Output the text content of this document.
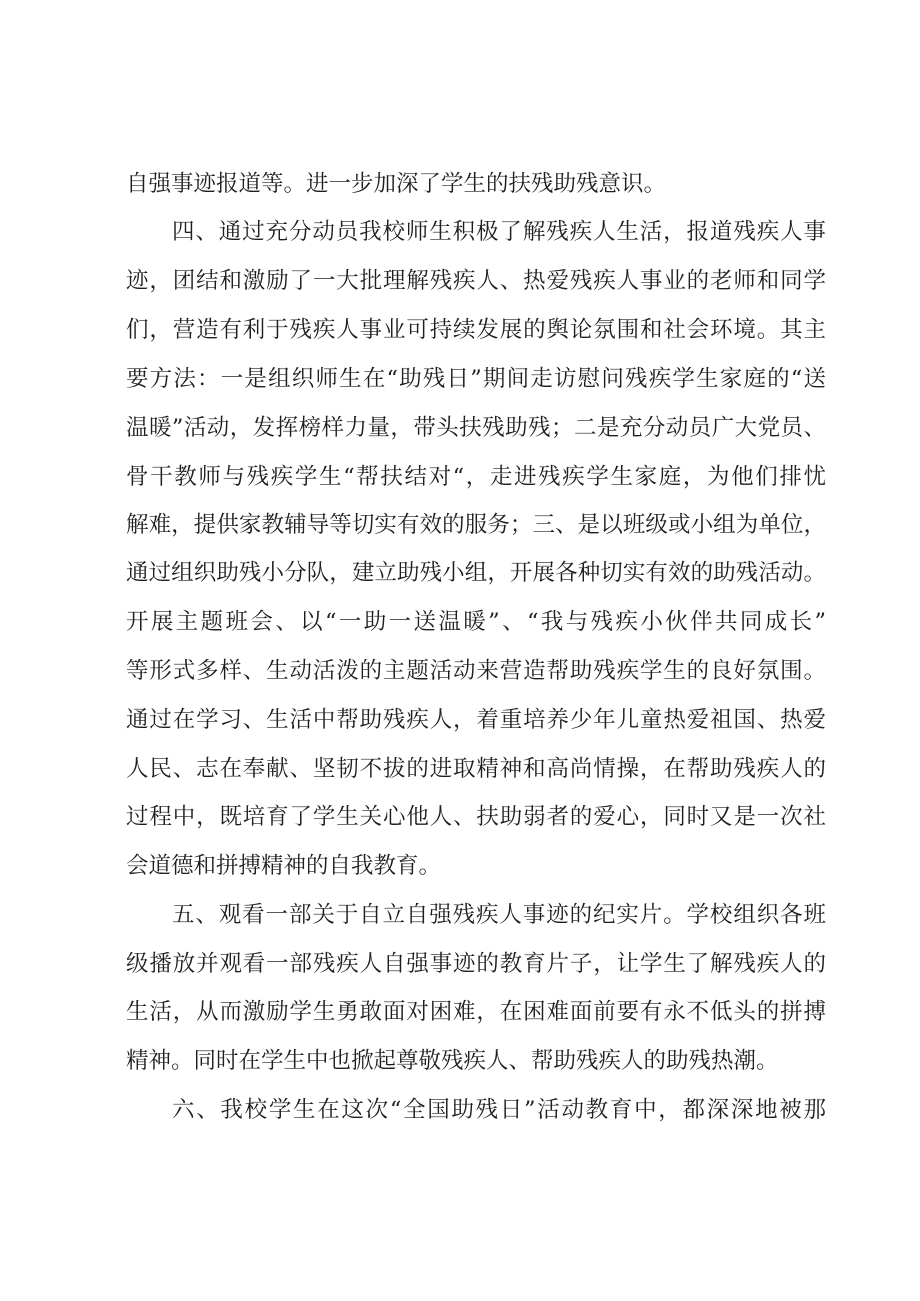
自强事迹报道等。进一步加深了学生的扶残助残意识。
四、通过充分动员我校师生积极了解残疾人生活，报道残疾人事
迹，团结和激励了一大批理解残疾人、热爱残疾人事业的老师和同学
们，营造有利于残疾人事业可持续发展的舆论氛围和社会环境。其主
要方法：一是组织师生在“助残日”期间走访慰问残疾学生家庭的“送
温暖”活动，发挥榜样力量，带头扶残助残；二是充分动员广大党员、
骨干教师与残疾学生“帮扶结对“，走进残疾学生家庭，为他们排忧
解难，提供家教辅导等切实有效的服务；三、是以班级或小组为单位，
通过组织助残小分队，建立助残小组，开展各种切实有效的助残活动。
开展主题班会、以“一助一送温暖”、“我与残疾小伙伴共同成长”
等形式多样、生动活泼的主题活动来营造帮助残疾学生的良好氛围。
通过在学习、生活中帮助残疾人，着重培养少年儿童热爱祖国、热爱
人民、志在奉献、坚韧不拔的进取精神和高尚情操，在帮助残疾人的
过程中，既培育了学生关心他人、扶助弱者的爱心，同时又是一次社
会道德和拼搏精神的自我教育。
五、观看一部关于自立自强残疾人事迹的纪实片。学校组织各班
级播放并观看一部残疾人自强事迹的教育片子，让学生了解残疾人的
生活，从而激励学生勇敢面对困难，在困难面前要有永不低头的拼搏
精神。同时在学生中也掀起尊敬残疾人、帮助残疾人的助残热潮。
六、我校学生在这次“全国助残日”活动教育中，都深深地被那
